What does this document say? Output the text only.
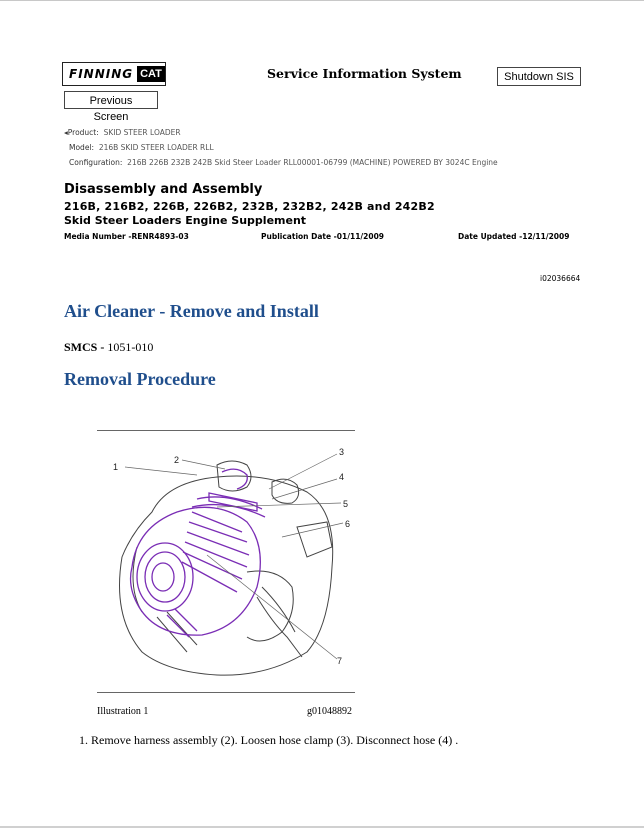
FINNING CAT	Service Information System	Shutdown SIS
Previous Screen
◂Product: SKID STEER LOADER
Model: 216B SKID STEER LOADER RLL
Configuration: 216B 226B 232B 242B Skid Steer Loader RLL00001-06799 (MACHINE) POWERED BY 3024C Engine
Disassembly and Assembly
216B, 216B2, 226B, 226B2, 232B, 232B2, 242B and 242B2
Skid Steer Loaders Engine Supplement
Media Number -RENR4893-03	Publication Date -01/11/2009	Date Updated -12/11/2009
i02036664
Air Cleaner - Remove and Install
SMCS - 1051-010
Removal Procedure
1
2
3
4
5
6
7
Illustration 1	g01048892
1. Remove harness assembly (2). Loosen hose clamp (3). Disconnect hose (4) .
